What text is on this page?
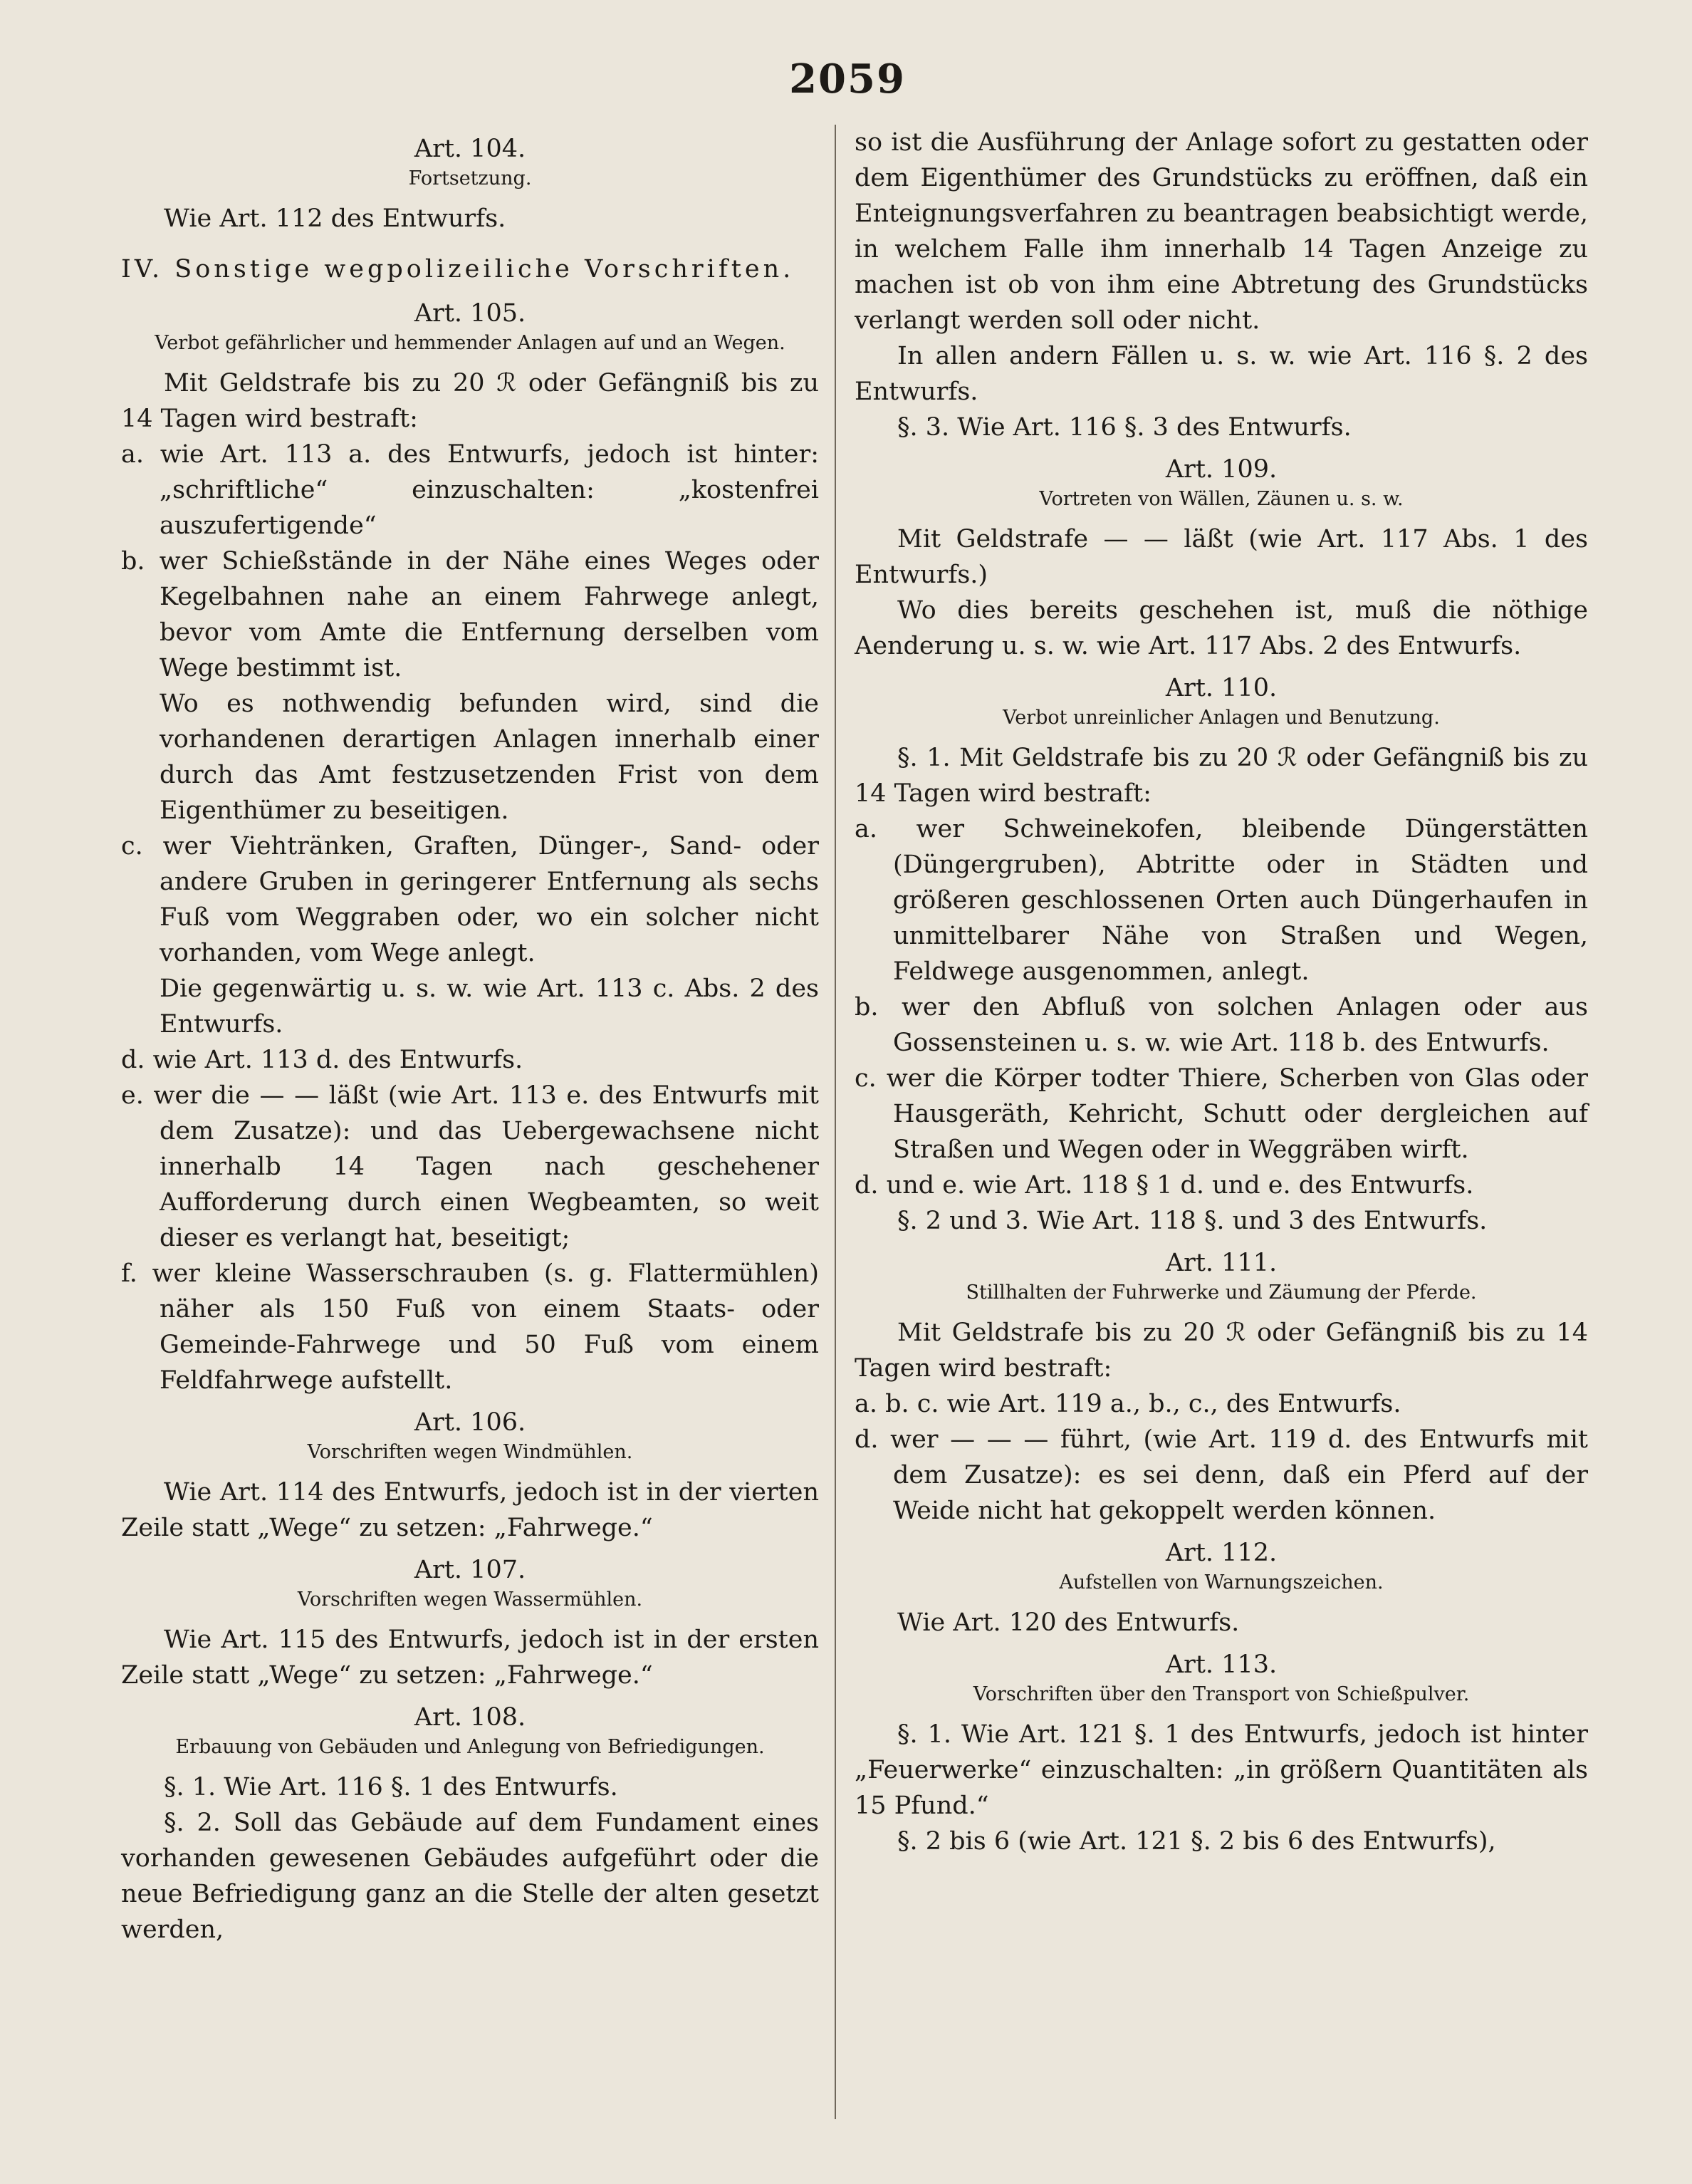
2059
Art. 104.
Fortsetzung.

Wie Art. 112 des Entwurfs.

IV. Sonstige wegpolizeiliche Vorschriften.
Art. 105.
Verbot gefährlicher und hemmender Anlagen auf und an Wegen.

Mit Geldstrafe bis zu 20 ℛ oder Gefängniß bis zu 14 Tagen wird bestraft:

a. wie Art. 113 a. des Entwurfs, jedoch ist hinter: „schriftliche“ einzuschalten: „kostenfrei auszufertigende“

b. wer Schießstände in der Nähe eines Weges oder Kegelbahnen nahe an einem Fahrwege anlegt, bevor vom Amte die Entfernung derselben vom Wege bestimmt ist.

Wo es nothwendig befunden wird, sind die vorhandenen derartigen Anlagen innerhalb einer durch das Amt festzusetzenden Frist von dem Eigenthümer zu beseitigen.

c. wer Viehtränken, Graften, Dünger-, Sand- oder andere Gruben in geringerer Entfernung als sechs Fuß vom Weggraben oder, wo ein solcher nicht vorhanden, vom Wege anlegt.

Die gegenwärtig u. s. w. wie Art. 113 c. Abs. 2 des Entwurfs.

d. wie Art. 113 d. des Entwurfs.

e. wer die — — läßt (wie Art. 113 e. des Entwurfs mit dem Zusatze): und das Uebergewachsene nicht innerhalb 14 Tagen nach geschehener Aufforderung durch einen Wegbeamten, so weit dieser es verlangt hat, beseitigt;

f. wer kleine Wasserschrauben (s. g. Flattermühlen) näher als 150 Fuß von einem Staats- oder Gemeinde-Fahrwege und 50 Fuß vom einem Feldfahrwege aufstellt.

Art. 106.
Vorschriften wegen Windmühlen.

Wie Art. 114 des Entwurfs, jedoch ist in der vierten Zeile statt „Wege“ zu setzen: „Fahrwege.“

Art. 107.
Vorschriften wegen Wassermühlen.

Wie Art. 115 des Entwurfs, jedoch ist in der ersten Zeile statt „Wege“ zu setzen: „Fahrwege.“

Art. 108.
Erbauung von Gebäuden und Anlegung von Befriedigungen.

§. 1. Wie Art. 116 §. 1 des Entwurfs.

§. 2. Soll das Gebäude auf dem Fundament eines vorhanden gewesenen Gebäudes aufgeführt oder die neue Befriedigung ganz an die Stelle der alten gesetzt werden,

so ist die Ausführung der Anlage sofort zu gestatten oder dem Eigenthümer des Grundstücks zu eröffnen, daß ein Enteignungsverfahren zu beantragen beabsichtigt werde, in welchem Falle ihm innerhalb 14 Tagen Anzeige zu machen ist ob von ihm eine Abtretung des Grundstücks verlangt werden soll oder nicht.

In allen andern Fällen u. s. w. wie Art. 116 §. 2 des Entwurfs.

§. 3. Wie Art. 116 §. 3 des Entwurfs.

Art. 109.
Vortreten von Wällen, Zäunen u. s. w.

Mit Geldstrafe — — läßt (wie Art. 117 Abs. 1 des Entwurfs.)

Wo dies bereits geschehen ist, muß die nöthige Aenderung u. s. w. wie Art. 117 Abs. 2 des Entwurfs.

Art. 110.
Verbot unreinlicher Anlagen und Benutzung.

§. 1. Mit Geldstrafe bis zu 20 ℛ oder Gefängniß bis zu 14 Tagen wird bestraft:

a. wer Schweinekofen, bleibende Düngerstätten (Düngergruben), Abtritte oder in Städten und größeren geschlossenen Orten auch Düngerhaufen in unmittelbarer Nähe von Straßen und Wegen, Feldwege ausgenommen, anlegt.

b. wer den Abfluß von solchen Anlagen oder aus Gossensteinen u. s. w. wie Art. 118 b. des Entwurfs.

c. wer die Körper todter Thiere, Scherben von Glas oder Hausgeräth, Kehricht, Schutt oder dergleichen auf Straßen und Wegen oder in Weggräben wirft.

d. und e. wie Art. 118 § 1 d. und e. des Entwurfs.

§. 2 und 3. Wie Art. 118 §. und 3 des Entwurfs.

Art. 111.
Stillhalten der Fuhrwerke und Zäumung der Pferde.

Mit Geldstrafe bis zu 20 ℛ oder Gefängniß bis zu 14 Tagen wird bestraft:

a. b. c. wie Art. 119 a., b., c., des Entwurfs.

d. wer — — — führt, (wie Art. 119 d. des Entwurfs mit dem Zusatze): es sei denn, daß ein Pferd auf der Weide nicht hat gekoppelt werden können.

Art. 112.
Aufstellen von Warnungszeichen.

Wie Art. 120 des Entwurfs.

Art. 113.
Vorschriften über den Transport von Schießpulver.

§. 1. Wie Art. 121 §. 1 des Entwurfs, jedoch ist hinter „Feuerwerke“ einzuschalten: „in größern Quantitäten als 15 Pfund.“

§. 2 bis 6 (wie Art. 121 §. 2 bis 6 des Entwurfs),
